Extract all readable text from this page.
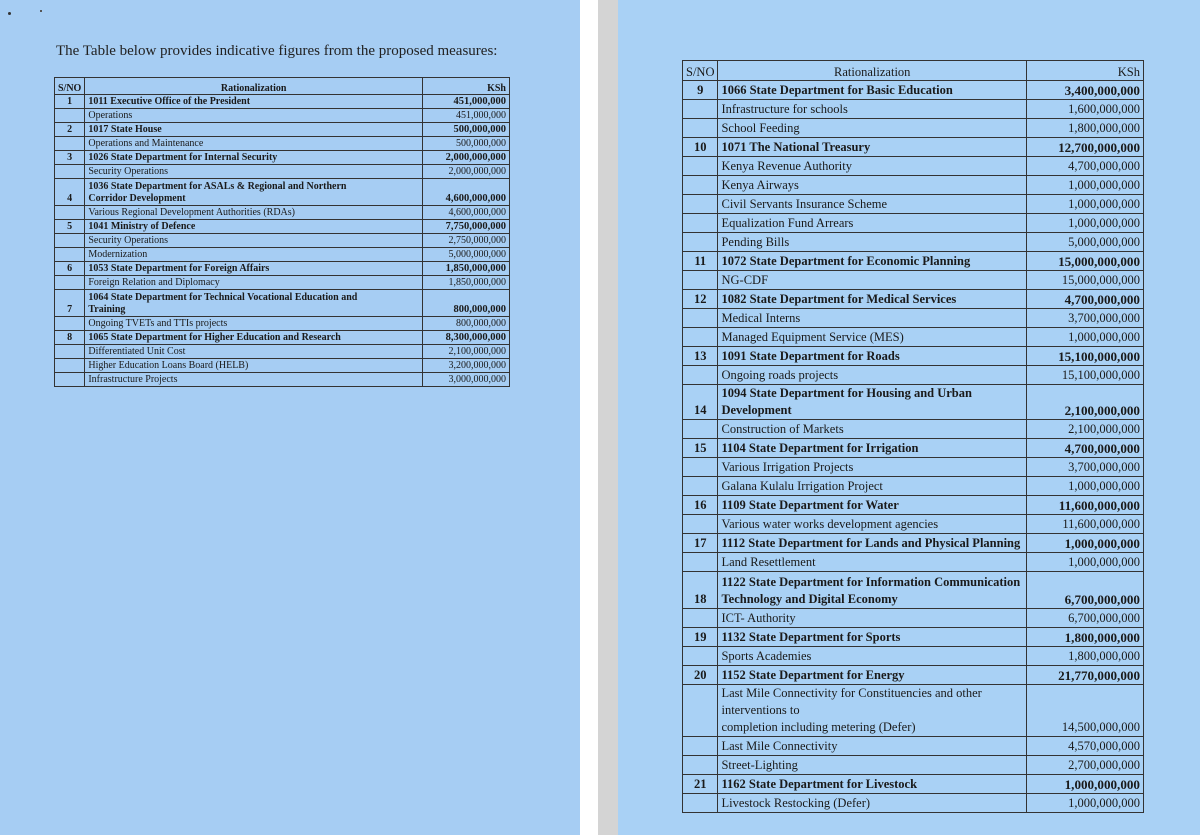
The Table below provides indicative figures from the proposed measures:
S/NO	Rationalization	KSh
1	1011 Executive Office of the President	451,000,000
	Operations	451,000,000
2	1017 State House	500,000,000
	Operations and Maintenance	500,000,000
3	1026 State Department for Internal Security	2,000,000,000
	Security Operations	2,000,000,000
4	1036 State Department for ASALs & Regional and Northern
Corridor Development	4,600,000,000
	Various Regional Development Authorities (RDAs)	4,600,000,000
5	1041 Ministry of Defence	7,750,000,000
	Security Operations	2,750,000,000
	Modernization	5,000,000,000
6	1053 State Department for Foreign Affairs	1,850,000,000
	Foreign Relation and Diplomacy	1,850,000,000
7	1064 State Department for Technical Vocational Education and
Training	800,000,000
	Ongoing TVETs and TTIs projects	800,000,000
8	1065 State Department for Higher Education and Research	8,300,000,000
	Differentiated Unit Cost	2,100,000,000
	Higher Education Loans Board (HELB)	3,200,000,000
	Infrastructure Projects	3,000,000,000
S/NO	Rationalization	KSh
9	1066 State Department for Basic Education	3,400,000,000
	Infrastructure for schools	1,600,000,000
	School Feeding	1,800,000,000
10	1071 The National Treasury	12,700,000,000
	Kenya Revenue Authority	4,700,000,000
	Kenya Airways	1,000,000,000
	Civil Servants Insurance Scheme	1,000,000,000
	Equalization Fund Arrears	1,000,000,000
	Pending Bills	5,000,000,000
11	1072 State Department for Economic Planning	15,000,000,000
	NG-CDF	15,000,000,000
12	1082 State Department for Medical Services	4,700,000,000
	Medical Interns	3,700,000,000
	Managed Equipment Service (MES)	1,000,000,000
13	1091 State Department for Roads	15,100,000,000
	Ongoing roads projects	15,100,000,000
14	1094 State Department for Housing and Urban Development	2,100,000,000
	Construction of Markets	2,100,000,000
15	1104 State Department for Irrigation	4,700,000,000
	Various Irrigation Projects	3,700,000,000
	Galana Kulalu Irrigation Project	1,000,000,000
16	1109 State Department for Water	11,600,000,000
	Various water works development agencies	11,600,000,000
17	1112 State Department for Lands and Physical Planning	1,000,000,000
	Land Resettlement	1,000,000,000
18	1122 State Department for Information Communication
Technology and Digital Economy	6,700,000,000
	ICT- Authority	6,700,000,000
19	1132 State Department for Sports	1,800,000,000
	Sports Academies	1,800,000,000
20	1152 State Department for Energy	21,770,000,000

	Last Mile Connectivity for Constituencies and other interventions to
completion including metering (Defer)	14,500,000,000
	Last Mile Connectivity	4,570,000,000
	Street-Lighting	2,700,000,000
21	1162 State Department for Livestock	1,000,000,000
	Livestock Restocking (Defer)	1,000,000,000
